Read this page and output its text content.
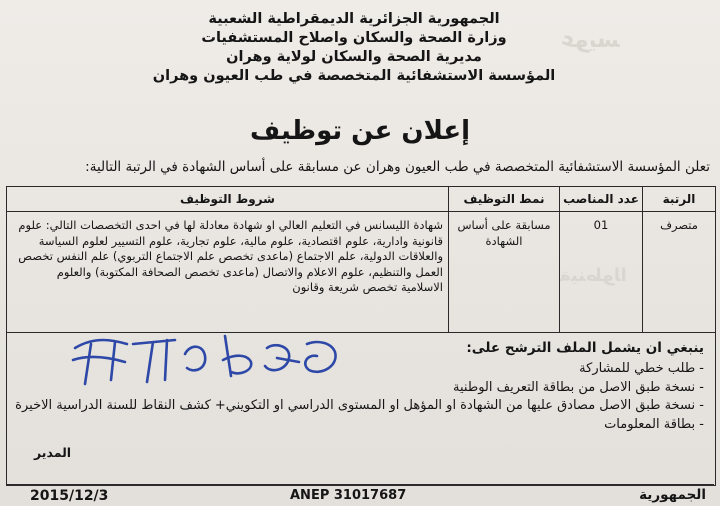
ﻋﻮﻳﺴ
ﺔﻴﻨﻃﻮﻟﺍ
الجمهورية الجزائرية الديمقراطية الشعبية
وزارة الصحة والسكان واصلاح المستشفيات
مديرية الصحة والسكان لولاية وهران
المؤسسة الاستشفائية المتخصصة في طب العيون وهران
إعلان عن توظيف
تعلن المؤسسة الاستشفائية المتخصصة في طب العيون وهران عن مسابقة على أساس الشهادة في الرتبة التالية:
الرتبة	عدد المناصب	نمط التوظيف	شروط التوظيف
متصرف	01	مسابقة على أساس الشهادة	شهادة الليسانس في التعليم العالي او شهادة معادلة لها في احدى التخصصات التالي: علوم قانونية وادارية، علوم اقتصادية، علوم مالية، علوم تجارية، علوم التسيير لعلوم السياسة والعلاقات الدولية، علم الاجتماع (ماعدى تخصص علم الاجتماع التربوي) علم النفس تخصص العمل والتنظيم، علوم الاعلام والاتصال (ماعدى تخصص الصحافة المكتوبة) والعلوم الاسلامية تخصص شريعة وقانون
ينبغي ان يشمل الملف الترشح على:
- طلب خطي للمشاركة
- نسخة طبق الاصل من بطاقة التعريف الوطنية
- نسخة طبق الاصل مصادق عليها من الشهادة او المؤهل او المستوى الدراسي او التكويني+ كشف النقاط للسنة الدراسية الاخيرة
- بطاقة المعلومات
المدير
2015/12/3	ANEP 31017687	الجمهورية
